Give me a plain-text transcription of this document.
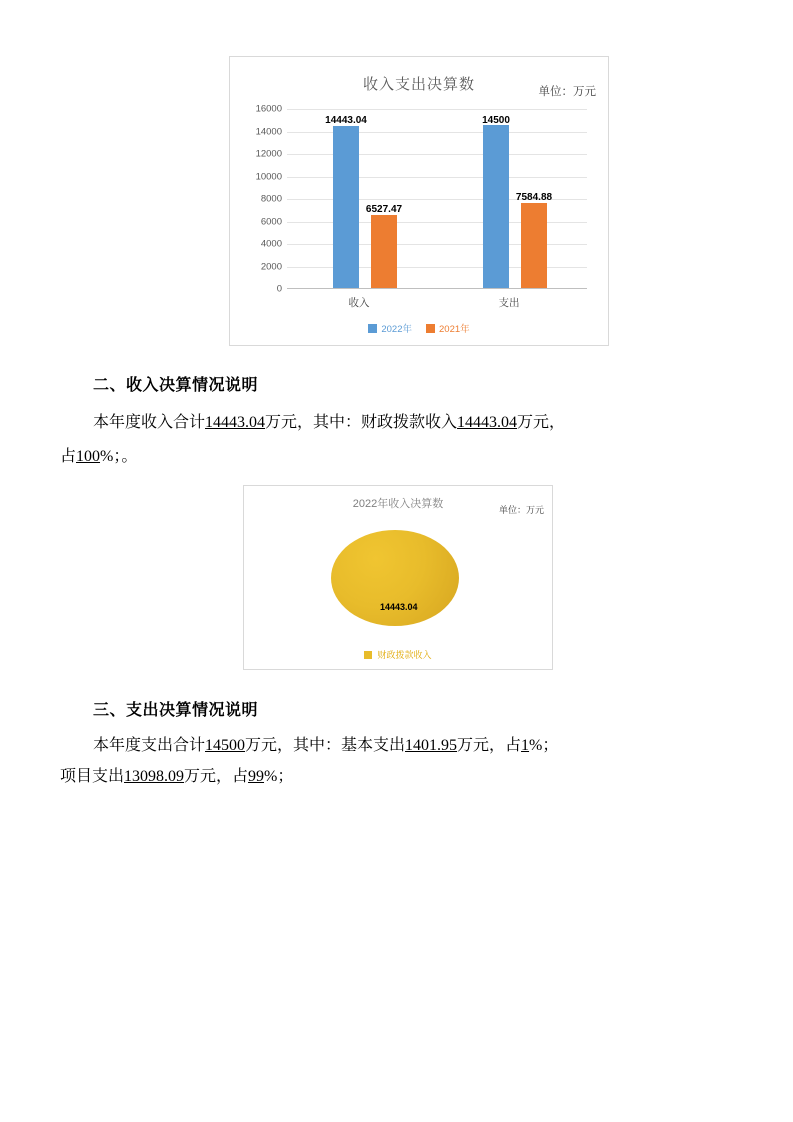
收入支出决算数	单位：万元
16000
14000
12000
10000
8000
6000
4000
2000
0
14443.04
6527.47
收入
14500
7584.88
支出
2022年	2021年
二、收入决算情况说明
本年度收入合计14443.04万元，其中：财政拨款收入14443.04万元，
占100%；。
2022年收入决算数	单位：万元
14443.04
财政拨款收入
三、支出决算情况说明
本年度支出合计14500万元，其中：基本支出1401.95万元，占1%；
项目支出13098.09万元，占99%；
